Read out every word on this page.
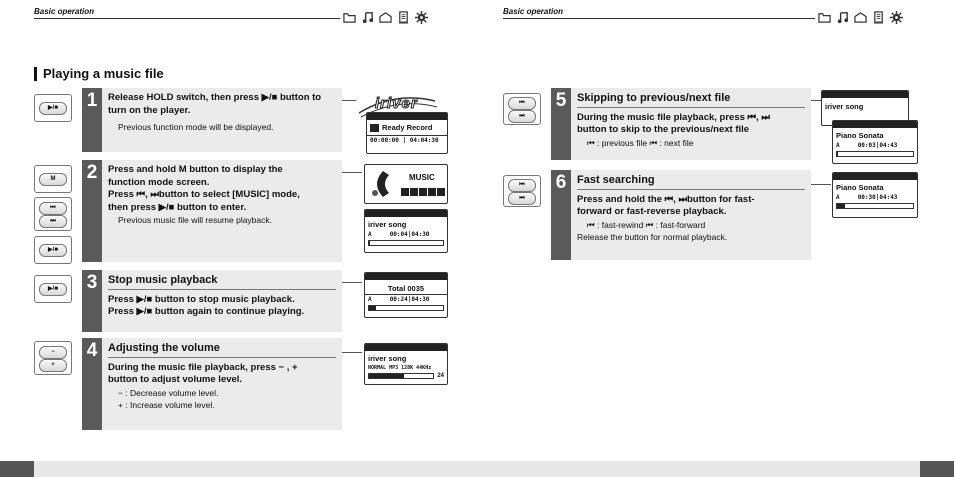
Basic operation	Basic operation
Playing a music file
▶/■
M
⏮
⏭
▶/■
▶/■
−
+
⏮
⏭
⏮
⏭
1	Release HOLD switch, then press ▶/■ button to
turn on the player.
Previous function mode will be displayed.
2	Press and hold M button to display the
function mode screen.
Press ⏮, ⏭button to select [MUSIC] mode,
then press ▶/■ button to enter.
Previous music file will resume playback.
3 Stop music playback
Press ▶/■ button to stop music playback.
Press ▶/■ button again to continue playing.
4 Adjusting the volume
During the music file playback, press − , +
button to adjust volume level.
− : Decrease volume level.
+ : Increase volume level.
5 Skipping to previous/next file
During the music file playback, press ⏮, ⏭
button to skip to the previous/next file
⏮ : previous file ⏮ : next file
6 Fast searching
Press and hold the ⏮, ⏭button for fast-
forward or fast-reverse playback.
⏮ : fast-rewind ⏮ : fast-forward
Release the button for normal playback.
iriver
Ready Record
00:00:00 | 04:04:30
MUSIC
iriver song
A	00:04|04:30
Total 0035
A	00:24|04:30
iriver song
NORMAL MP3 128K 44KHz
24
iriver song
Piano Sonata
A	00:03|04:43
Piano Sonata
A	00:30|04:43
